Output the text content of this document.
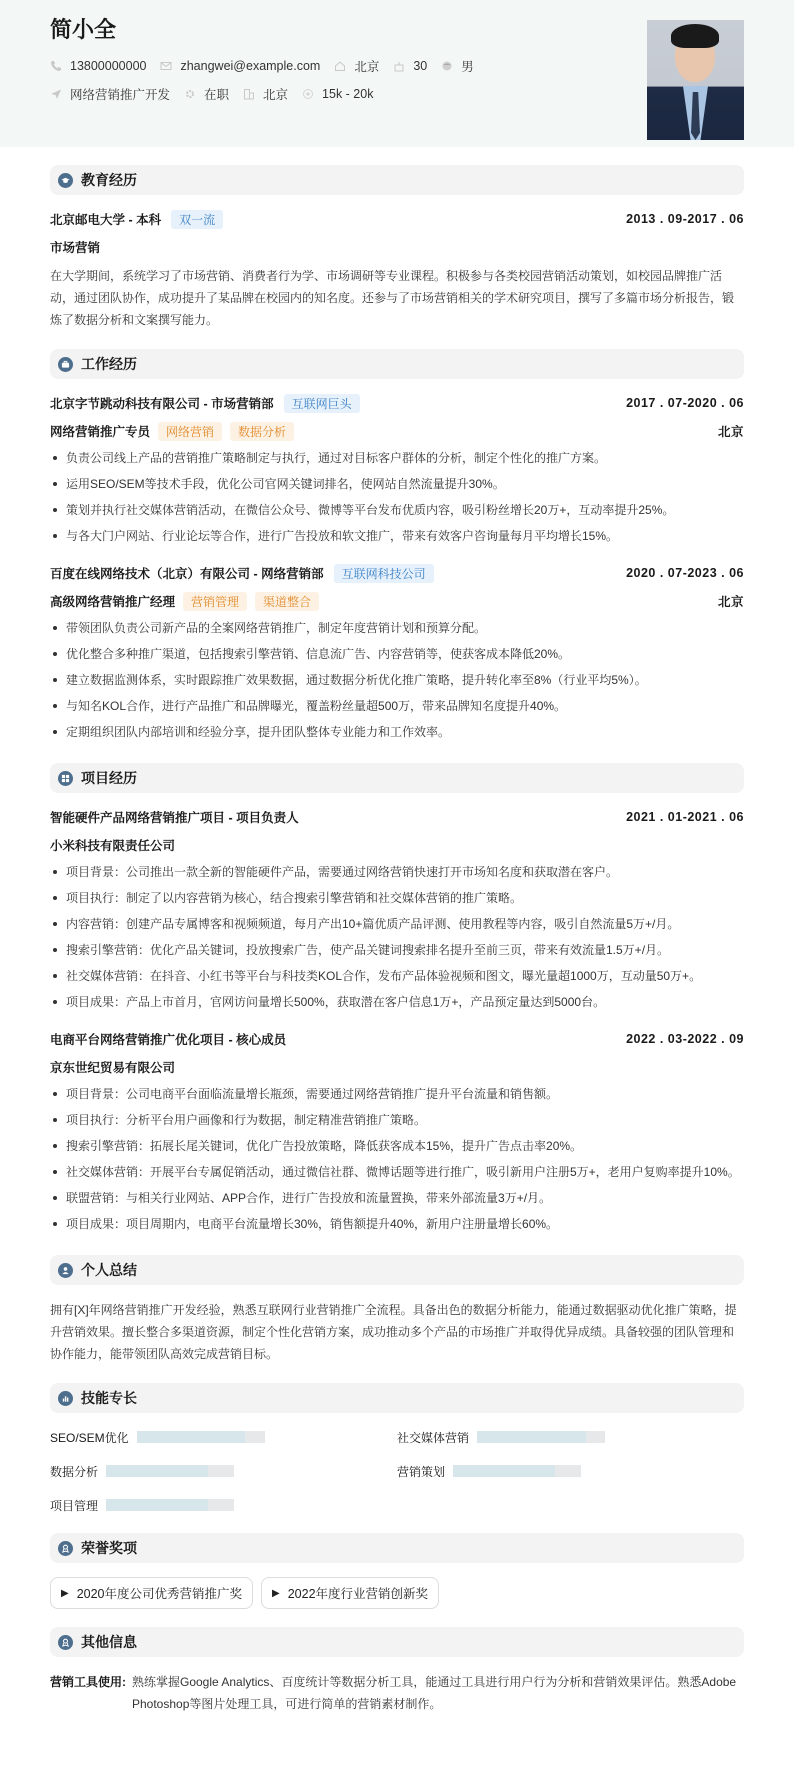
简小全
13800000000	zhangwei@example.com	北京	30	男
网络营销推广开发	在职	北京	15k - 20k
教育经历
北京邮电大学 - 本科	双一流	2013 . 09-2017 . 06
市场营销
在大学期间，系统学习了市场营销、消费者行为学、市场调研等专业课程。积极参与各类校园营销活动策划，如校园品牌推广活动，通过团队协作，成功提升了某品牌在校园内的知名度。还参与了市场营销相关的学术研究项目，撰写了多篇市场分析报告，锻炼了数据分析和文案撰写能力。
工作经历
北京字节跳动科技有限公司 - 市场营销部	互联网巨头	2017 . 07-2020 . 06
网络营销推广专员	网络营销	数据分析	北京
负责公司线上产品的营销推广策略制定与执行，通过对目标客户群体的分析，制定个性化的推广方案。
运用SEO/SEM等技术手段，优化公司官网关键词排名，使网站自然流量提升30%。
策划并执行社交媒体营销活动，在微信公众号、微博等平台发布优质内容，吸引粉丝增长20万+，互动率提升25%。
与各大门户网站、行业论坛等合作，进行广告投放和软文推广，带来有效客户咨询量每月平均增长15%。
百度在线网络技术（北京）有限公司 - 网络营销部	互联网科技公司	2020 . 07-2023 . 06
高级网络营销推广经理	营销管理	渠道整合	北京
带领团队负责公司新产品的全案网络营销推广，制定年度营销计划和预算分配。
优化整合多种推广渠道，包括搜索引擎营销、信息流广告、内容营销等，使获客成本降低20%。
建立数据监测体系，实时跟踪推广效果数据，通过数据分析优化推广策略，提升转化率至8%（行业平均5%）。
与知名KOL合作，进行产品推广和品牌曝光，覆盖粉丝量超500万，带来品牌知名度提升40%。
定期组织团队内部培训和经验分享，提升团队整体专业能力和工作效率。
项目经历
智能硬件产品网络营销推广项目 - 项目负责人	2021 . 01-2021 . 06
小米科技有限责任公司
项目背景：公司推出一款全新的智能硬件产品，需要通过网络营销快速打开市场知名度和获取潜在客户。
项目执行：制定了以内容营销为核心，结合搜索引擎营销和社交媒体营销的推广策略。
内容营销：创建产品专属博客和视频频道，每月产出10+篇优质产品评测、使用教程等内容，吸引自然流量5万+/月。
搜索引擎营销：优化产品关键词，投放搜索广告，使产品关键词搜索排名提升至前三页，带来有效流量1.5万+/月。
社交媒体营销：在抖音、小红书等平台与科技类KOL合作，发布产品体验视频和图文，曝光量超1000万，互动量50万+。
项目成果：产品上市首月，官网访问量增长500%，获取潜在客户信息1万+，产品预定量达到5000台。
电商平台网络营销推广优化项目 - 核心成员	2022 . 03-2022 . 09
京东世纪贸易有限公司
项目背景：公司电商平台面临流量增长瓶颈，需要通过网络营销推广提升平台流量和销售额。
项目执行：分析平台用户画像和行为数据，制定精准营销推广策略。
搜索引擎营销：拓展长尾关键词，优化广告投放策略，降低获客成本15%，提升广告点击率20%。
社交媒体营销：开展平台专属促销活动，通过微信社群、微博话题等进行推广，吸引新用户注册5万+，老用户复购率提升10%。
联盟营销：与相关行业网站、APP合作，进行广告投放和流量置换，带来外部流量3万+/月。
项目成果：项目周期内，电商平台流量增长30%，销售额提升40%，新用户注册量增长60%。
个人总结
拥有[X]年网络营销推广开发经验，熟悉互联网行业营销推广全流程。具备出色的数据分析能力，能通过数据驱动优化推广策略，提升营销效果。擅长整合多渠道资源，制定个性化营销方案，成功推动多个产品的市场推广并取得优异成绩。具备较强的团队管理和协作能力，能带领团队高效完成营销目标。
技能专长
SEO/SEM优化	社交媒体营销
数据分析	营销策划
项目管理
荣誉奖项
▶ 2020年度公司优秀营销推广奖	▶ 2022年度行业营销创新奖
其他信息
营销工具使用: 熟练掌握Google Analytics、百度统计等数据分析工具，能通过工具进行用户行为分析和营销效果评估。熟悉Adobe Photoshop等图片处理工具，可进行简单的营销素材制作。
